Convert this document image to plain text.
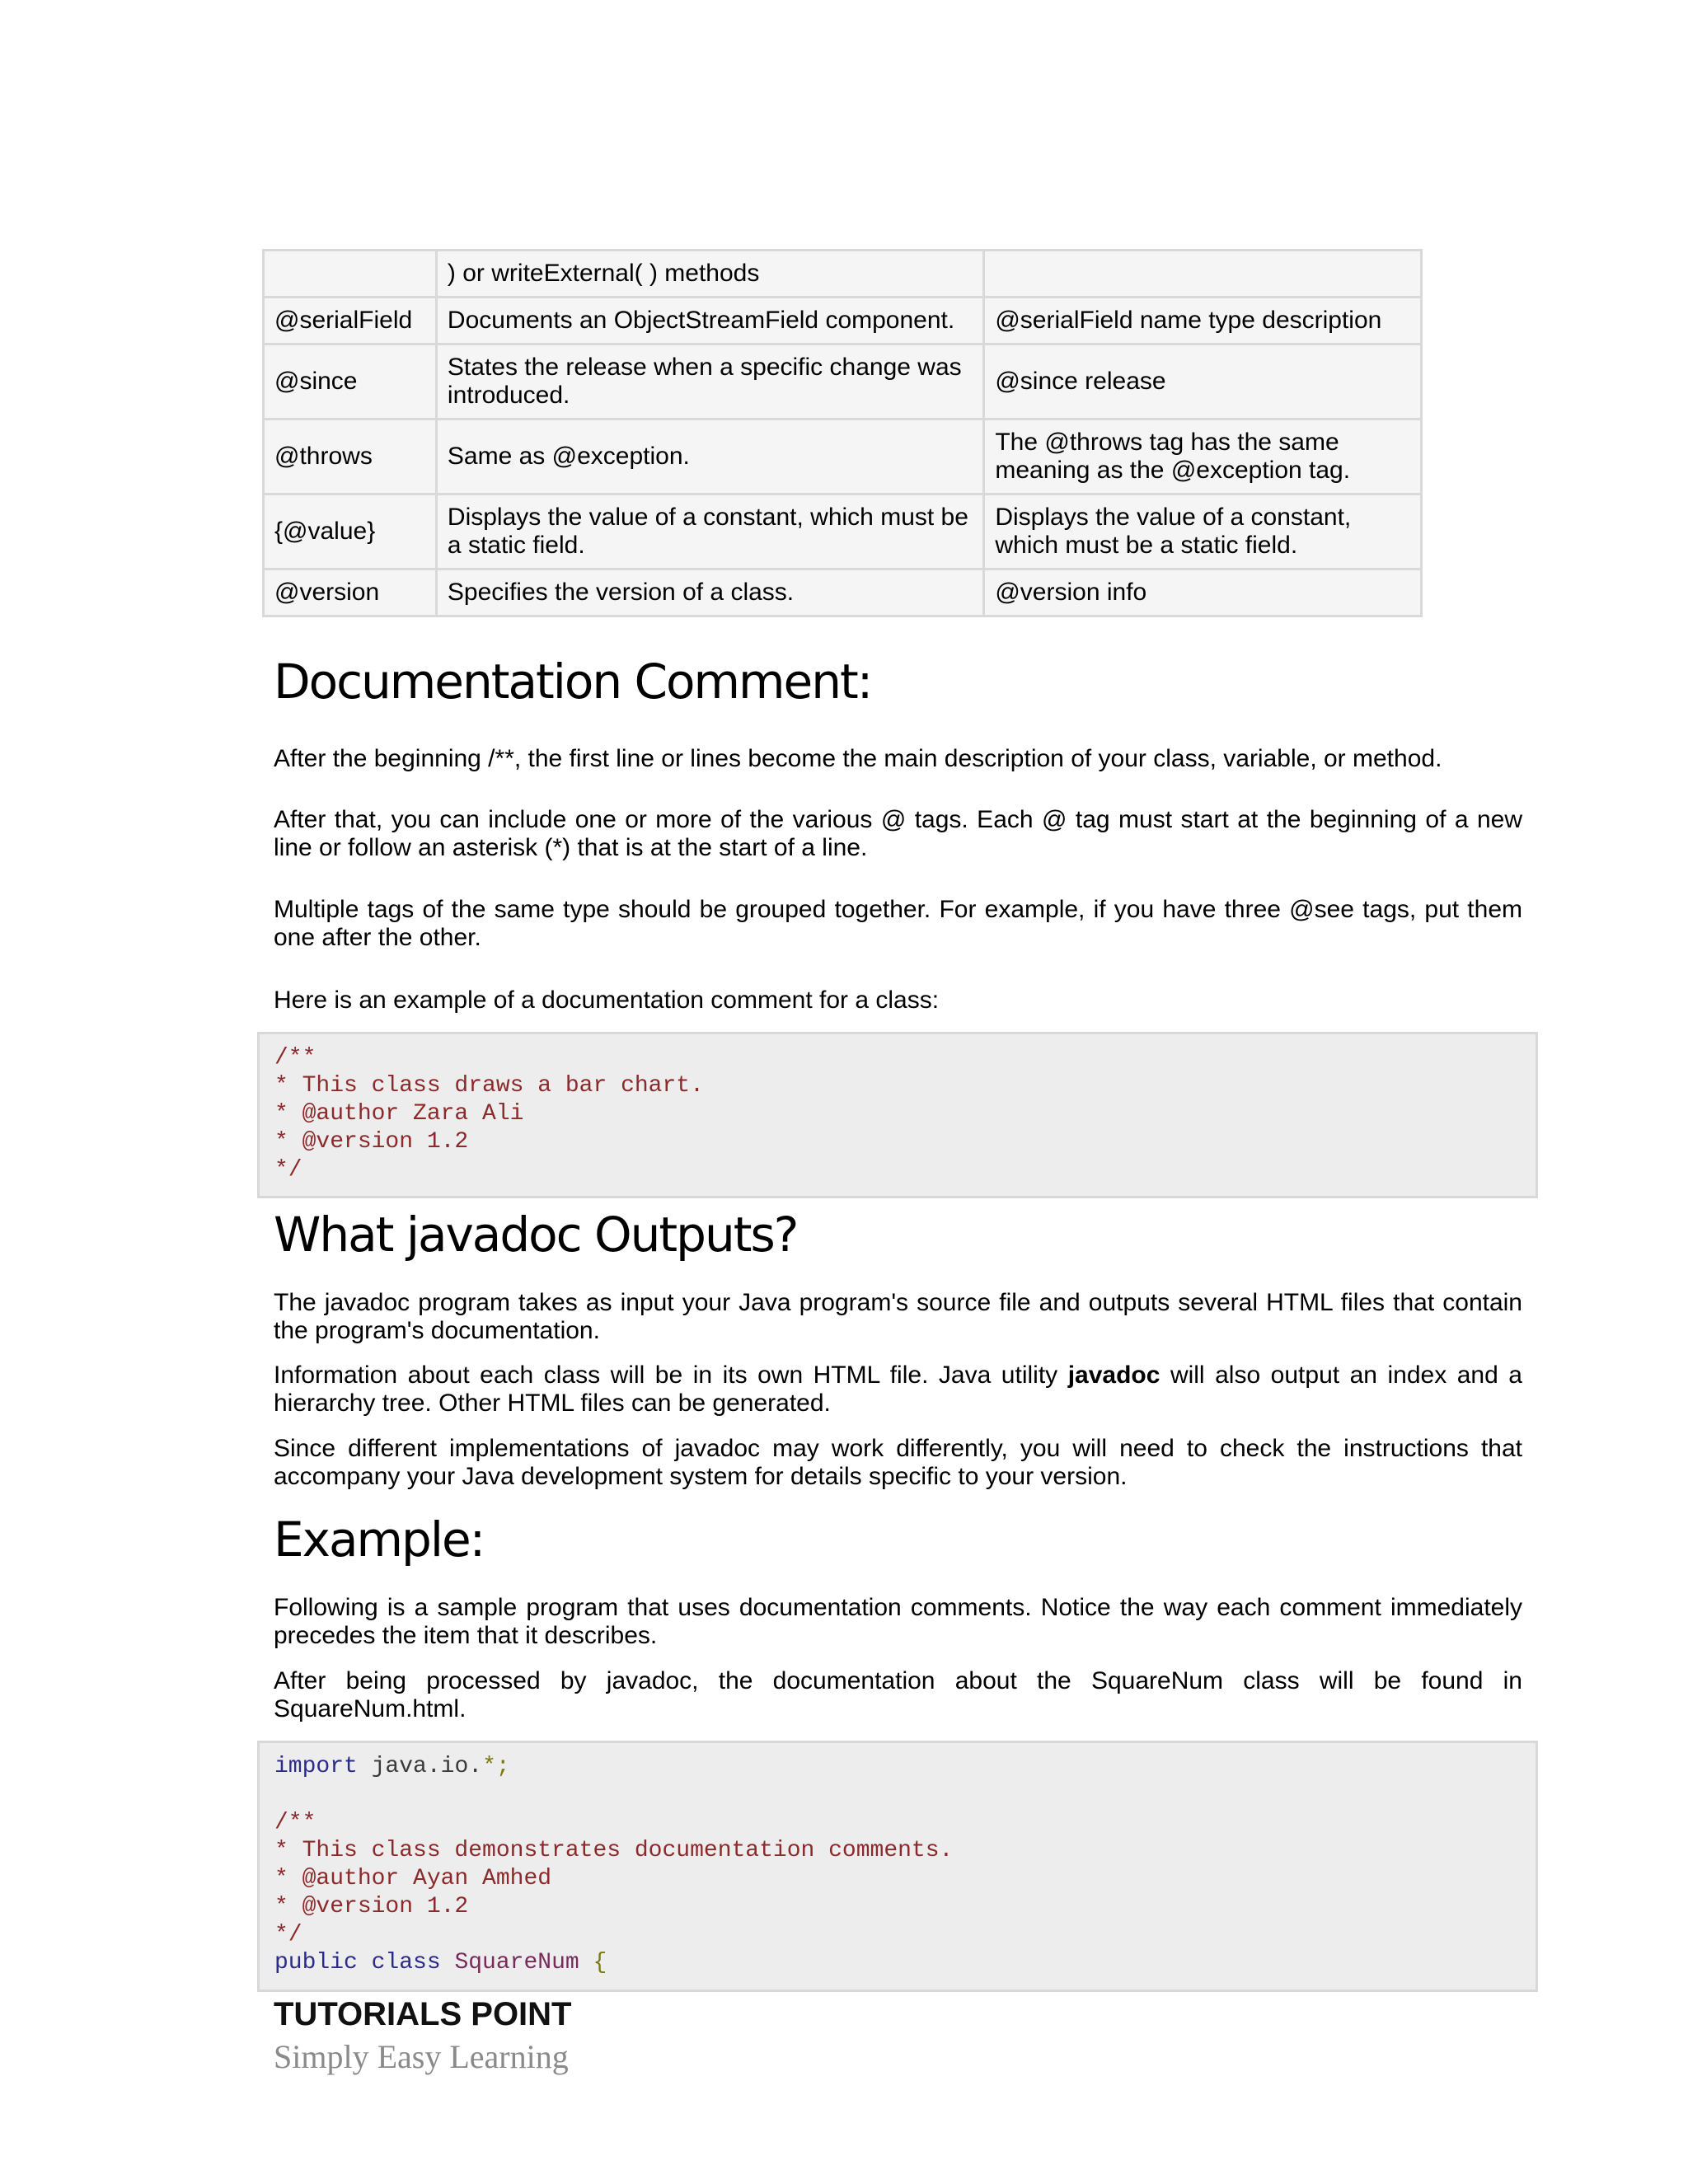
	) or writeExternal( ) methods	
@serialField	Documents an ObjectStreamField component.	@serialField name type description
@since	States the release when a specific change was introduced.	@since release
@throws	Same as @exception.	The @throws tag has the same meaning as the @exception tag.
{@value}	Displays the value of a constant, which must be a static field.	Displays the value of a constant, which must be a static field.
@version	Specifies the version of a class.	@version info
Documentation Comment:

After the beginning /**, the first line or lines become the main description of your class, variable, or method.

After that, you can include one or more of the various @ tags. Each @ tag must start at the beginning of a new line or follow an asterisk (*) that is at the start of a line.

Multiple tags of the same type should be grouped together. For example, if you have three @see tags, put them one after the other.

Here is an example of a documentation comment for a class:

/**
* This class draws a bar chart.
* @author Zara Ali
* @version 1.2
*/
What javadoc Outputs?

The javadoc program takes as input your Java program's source file and outputs several HTML files that contain the program's documentation.

Information about each class will be in its own HTML file. Java utility javadoc will also output an index and a hierarchy tree. Other HTML files can be generated.

Since different implementations of javadoc may work differently, you will need to check the instructions that accompany your Java development system for details specific to your version.

Example:

Following is a sample program that uses documentation comments. Notice the way each comment immediately precedes the item that it describes.

After being processed by javadoc, the documentation about the SquareNum class will be found in SquareNum.html.

import java.io.*;
/**
* This class demonstrates documentation comments.
* @author Ayan Amhed
* @version 1.2
*/
public class SquareNum {

TUTORIALS POINT

Simply Easy Learning
